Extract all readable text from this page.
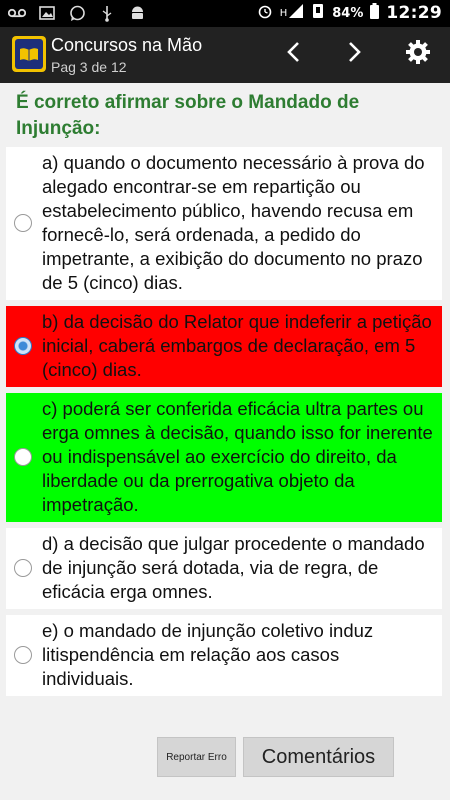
H	84% 12:29
Concursos na Mão
Pag 3 de 12
É correto afirmar sobre o Mandado de Injunção:
a) quando o documento necessário à prova do alegado encontrar-se em repartição ou estabelecimento público, havendo recusa em fornecê-lo, será ordenada, a pedido do impetrante, a exibição do documento no prazo de 5 (cinco) dias.
b) da decisão do Relator que indeferir a petição inicial, caberá embargos de declaração, em 5 (cinco) dias.
c) poderá ser conferida eficácia ultra partes ou erga omnes à decisão, quando isso for inerente ou indispensável ao exercício do direito, da liberdade ou da prerrogativa objeto da impetração.
d) a decisão que julgar procedente o mandado de injunção será dotada, via de regra, de eficácia erga omnes.
e) o mandado de injunção coletivo induz litispendência em relação aos casos individuais.
Reportar Erro	Comentários
